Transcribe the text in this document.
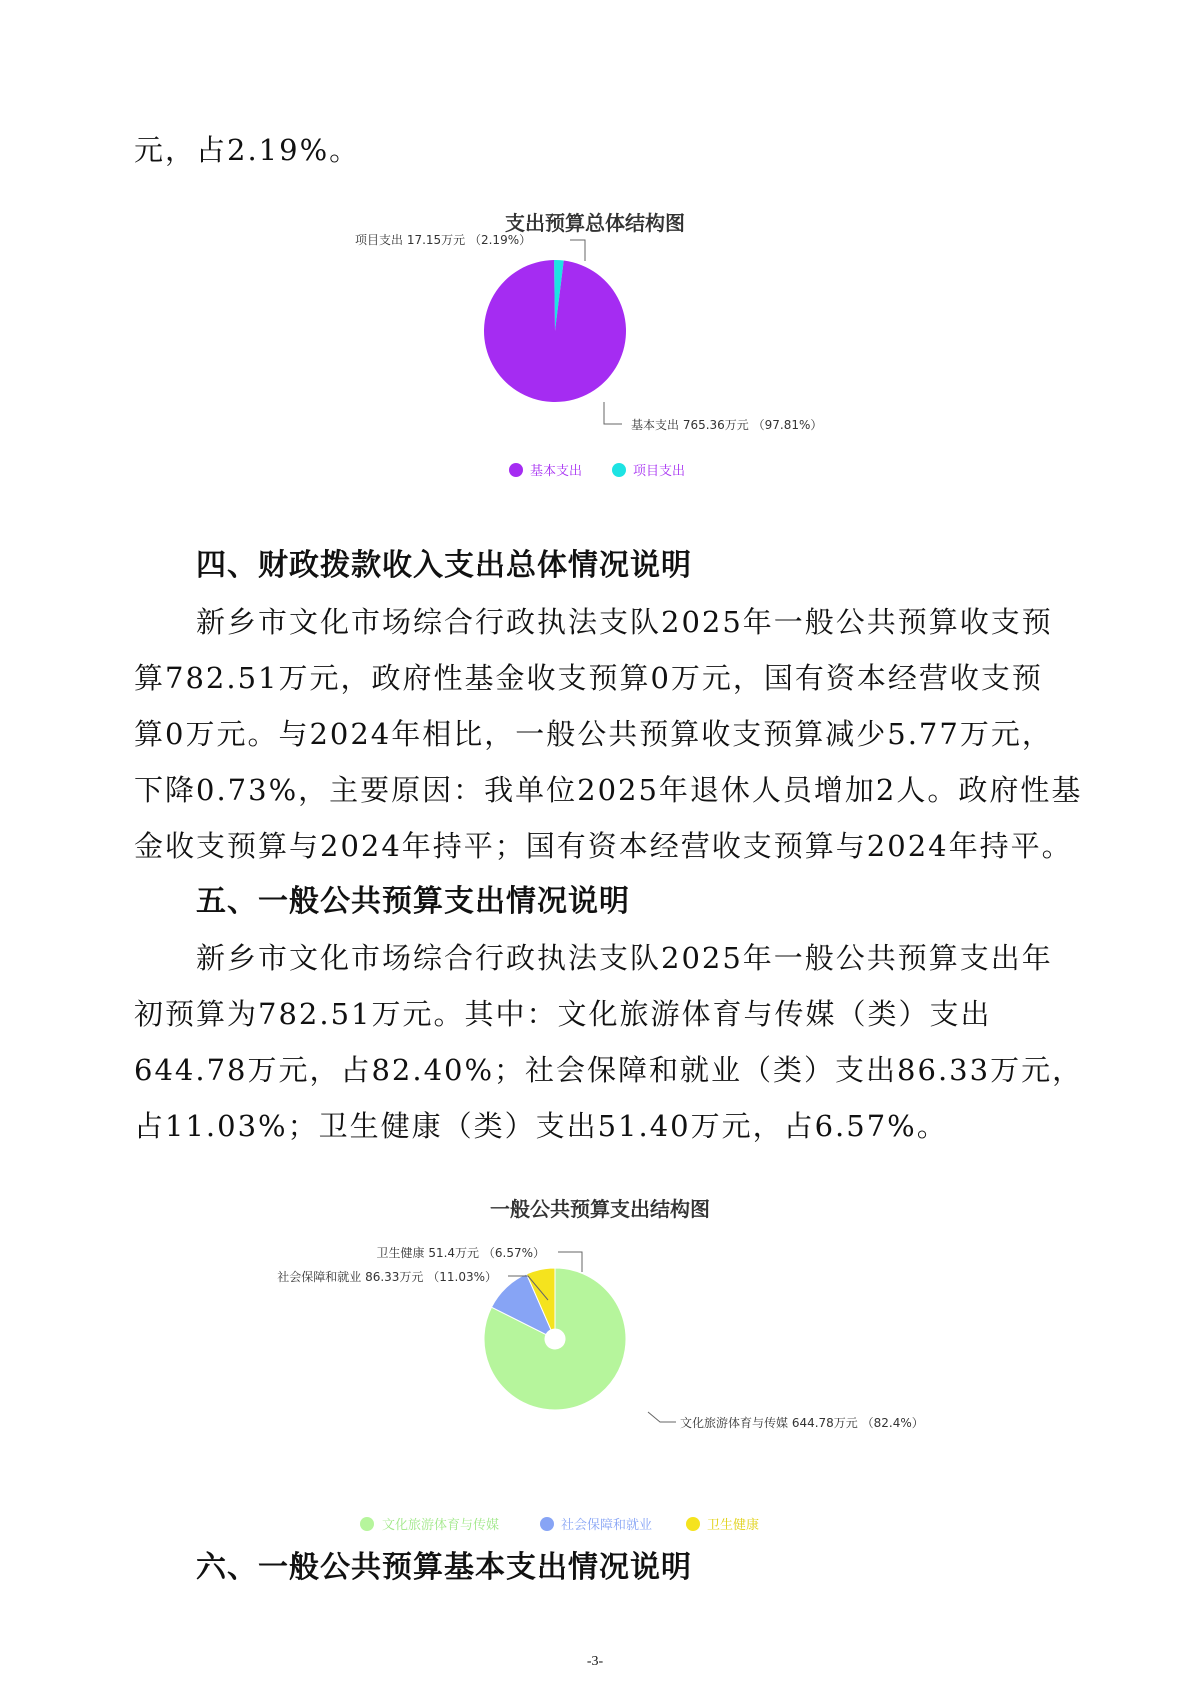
元，占2.19%。

支出预算总体结构图
项目支出 17.15万元 （2.19%）
基本支出 765.36万元 （97.81%）
基本支出	项目支出
四、财政拨款收入支出总体情况说明

新乡市文化市场综合行政执法支队2025年一般公共预算收支预

算782.51万元，政府性基金收支预算0万元，国有资本经营收支预

算0万元。与2024年相比，一般公共预算收支预算减少5.77万元，

下降0.73%，主要原因：我单位2025年退休人员增加2人。政府性基

金收支预算与2024年持平；国有资本经营收支预算与2024年持平。

五、一般公共预算支出情况说明

新乡市文化市场综合行政执法支队2025年一般公共预算支出年

初预算为782.51万元。其中：文化旅游体育与传媒（类）支出

644.78万元，占82.40%；社会保障和就业（类）支出86.33万元，

占11.03%；卫生健康（类）支出51.40万元，占6.57%。

一般公共预算支出结构图
卫生健康 51.4万元 （6.57%）
社会保障和就业 86.33万元 （11.03%）
文化旅游体育与传媒 644.78万元 （82.4%）
文化旅游体育与传媒	社会保障和就业	卫生健康
六、一般公共预算基本支出情况说明
-3-
